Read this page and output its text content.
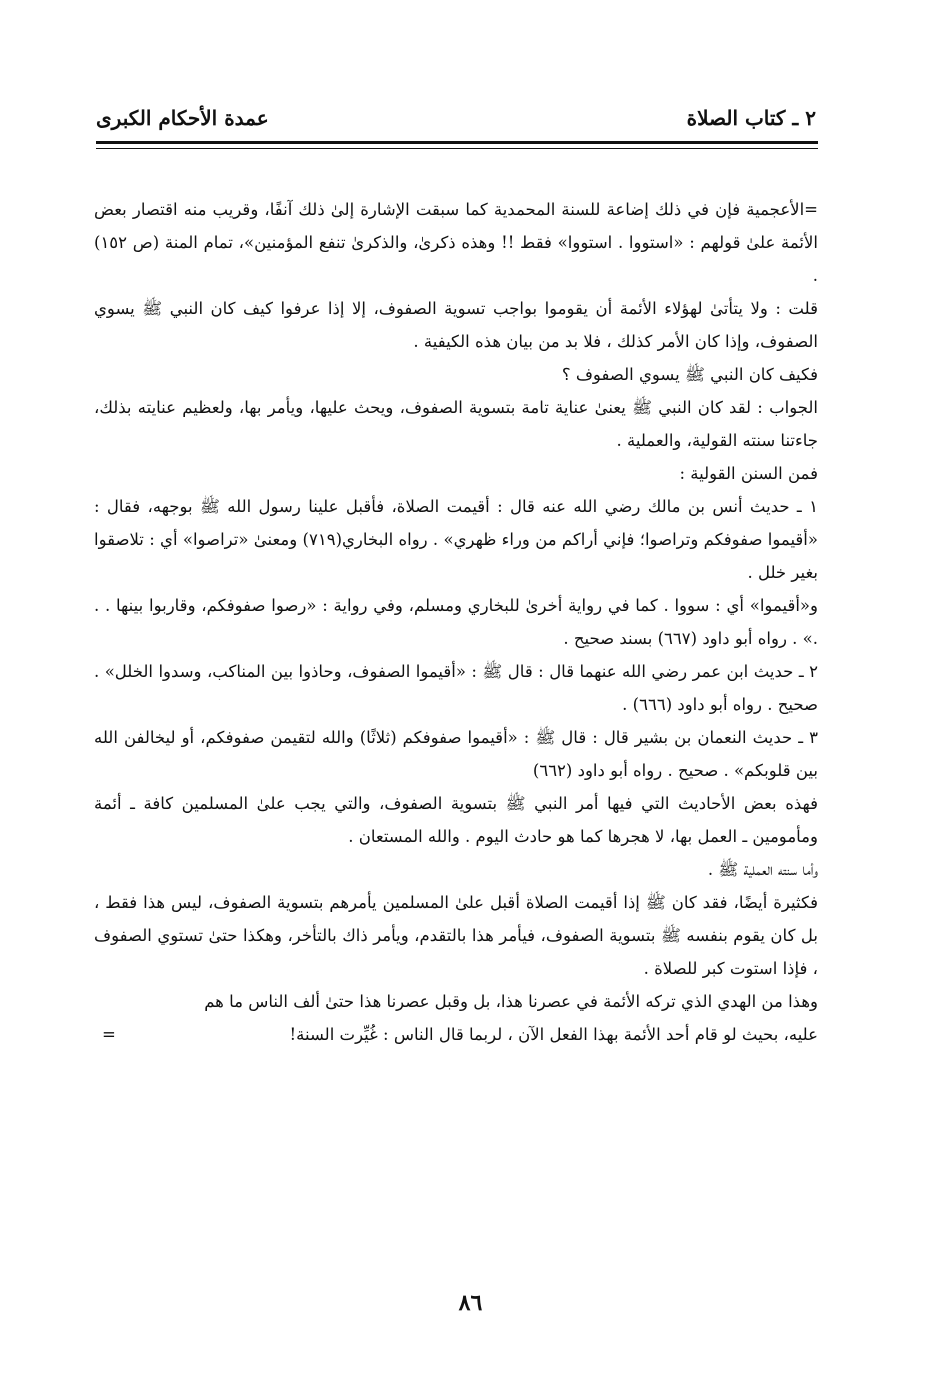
٢ ـ كتاب الصلاة
عمدة الأحكام الكبرى

=الأعجمية فإن في ذلك إضاعة للسنة المحمدية كما سبقت الإشارة إلىٰ ذلك آنفًا، وقريب منه اقتصار بعض الأئمة علىٰ قولهم : «استووا . استووا» فقط !! وهذه ذكرىٰ، والذكرىٰ تنفع المؤمنين»، تمام المنة (ص ١٥٢) .

قلت : ولا يتأتىٰ لهؤلاء الأئمة أن يقوموا بواجب تسوية الصفوف، إلا إذا عرفوا كيف كان النبي ﷺ يسوي الصفوف، وإذا كان الأمر كذلك ، فلا بد من بيان هذه الكيفية .

فكيف كان النبي ﷺ يسوي الصفوف ؟

الجواب : لقد كان النبي ﷺ يعنىٰ عناية تامة بتسوية الصفوف، ويحث عليها، ويأمر بها، ولعظيم عنايته بذلك، جاءتنا سنته القولية، والعملية .

فمن السنن القولية :

١ ـ حديث أنس بن مالك رضي الله عنه قال : أقيمت الصلاة، فأقبل علينا رسول الله ﷺ بوجهه، فقال : «أقيموا صفوفكم وتراصوا؛ فإني أراكم من وراء ظهري» . رواه البخاري(٧١٩) ومعنىٰ «تراصوا» أي : تلاصقوا بغير خلل .

و«أقيموا» أي : سووا . كما في رواية أخرىٰ للبخاري ومسلم، وفي رواية : «رصوا صفوفكم، وقاربوا بينها . . .» . رواه أبو داود (٦٦٧) بسند صحيح .

٢ ـ حديث ابن عمر رضي الله عنهما قال : قال ﷺ : «أقيموا الصفوف، وحاذوا بين المناكب، وسدوا الخلل» . صحيح . رواه أبو داود (٦٦٦) .

٣ ـ حديث النعمان بن بشير قال : قال ﷺ : «أقيموا صفوفكم (ثلاثًا) والله لتقيمن صفوفكم، أو ليخالفن الله بين قلوبكم» . صحيح . رواه أبو داود (٦٦٢)

فهذه بعض الأحاديث التي فيها أمر النبي ﷺ بتسوية الصفوف، والتي يجب علىٰ المسلمين كافة ـ أئمة ومأمومين ـ العمل بها، لا هجرها كما هو حادث اليوم . والله المستعان .

وأما سنته العملية ﷺ .

فكثيرة أيضًا، فقد كان ﷺ إذا أقيمت الصلاة أقبل علىٰ المسلمين يأمرهم بتسوية الصفوف، ليس هذا فقط ، بل كان يقوم بنفسه ﷺ بتسوية الصفوف، فيأمر هذا بالتقدم، ويأمر ذاك بالتأخر، وهكذا حتىٰ تستوي الصفوف ، فإذا استوت كبر للصلاة .

وهذا من الهدي الذي تركه الأئمة في عصرنا هذا، بل وقبل عصرنا هذا حتىٰ ألف الناس ما هم

عليه، بحيث لو قام أحد الأئمة بهذا الفعل الآن ، لربما قال الناس : غُيِّرت السنة!
=
٨٦
